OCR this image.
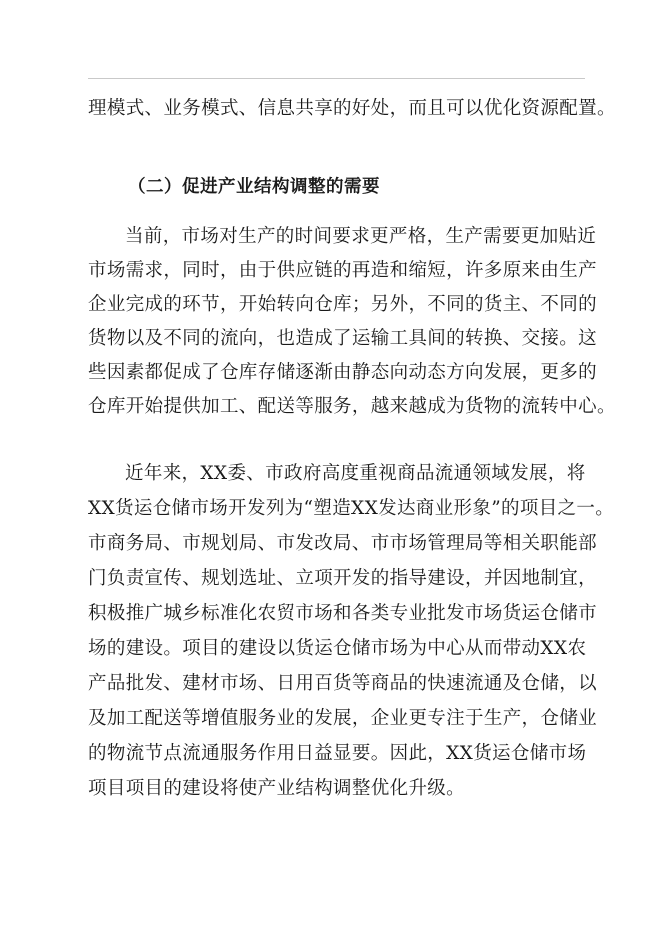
理模式、业务模式、信息共享的好处，而且可以优化资源配置。
（二）促进产业结构调整的需要
当前，市场对生产的时间要求更严格，生产需要更加贴近
市场需求，同时，由于供应链的再造和缩短，许多原来由生产
企业完成的环节，开始转向仓库；另外，不同的货主、不同的
货物以及不同的流向，也造成了运输工具间的转换、交接。这
些因素都促成了仓库存储逐渐由静态向动态方向发展，更多的
仓库开始提供加工、配送等服务，越来越成为货物的流转中心。
近年来，XX委、市政府高度重视商品流通领域发展，将
XX货运仓储市场开发列为“塑造XX发达商业形象”的项目之一。
市商务局、市规划局、市发改局、市市场管理局等相关职能部
门负责宣传、规划选址、立项开发的指导建设，并因地制宜，
积极推广城乡标准化农贸市场和各类专业批发市场货运仓储市
场的建设。项目的建设以货运仓储市场为中心从而带动XX农
产品批发、建材市场、日用百货等商品的快速流通及仓储，以
及加工配送等增值服务业的发展，企业更专注于生产，仓储业
的物流节点流通服务作用日益显要。因此，XX货运仓储市场
项目项目的建设将使产业结构调整优化升级。
